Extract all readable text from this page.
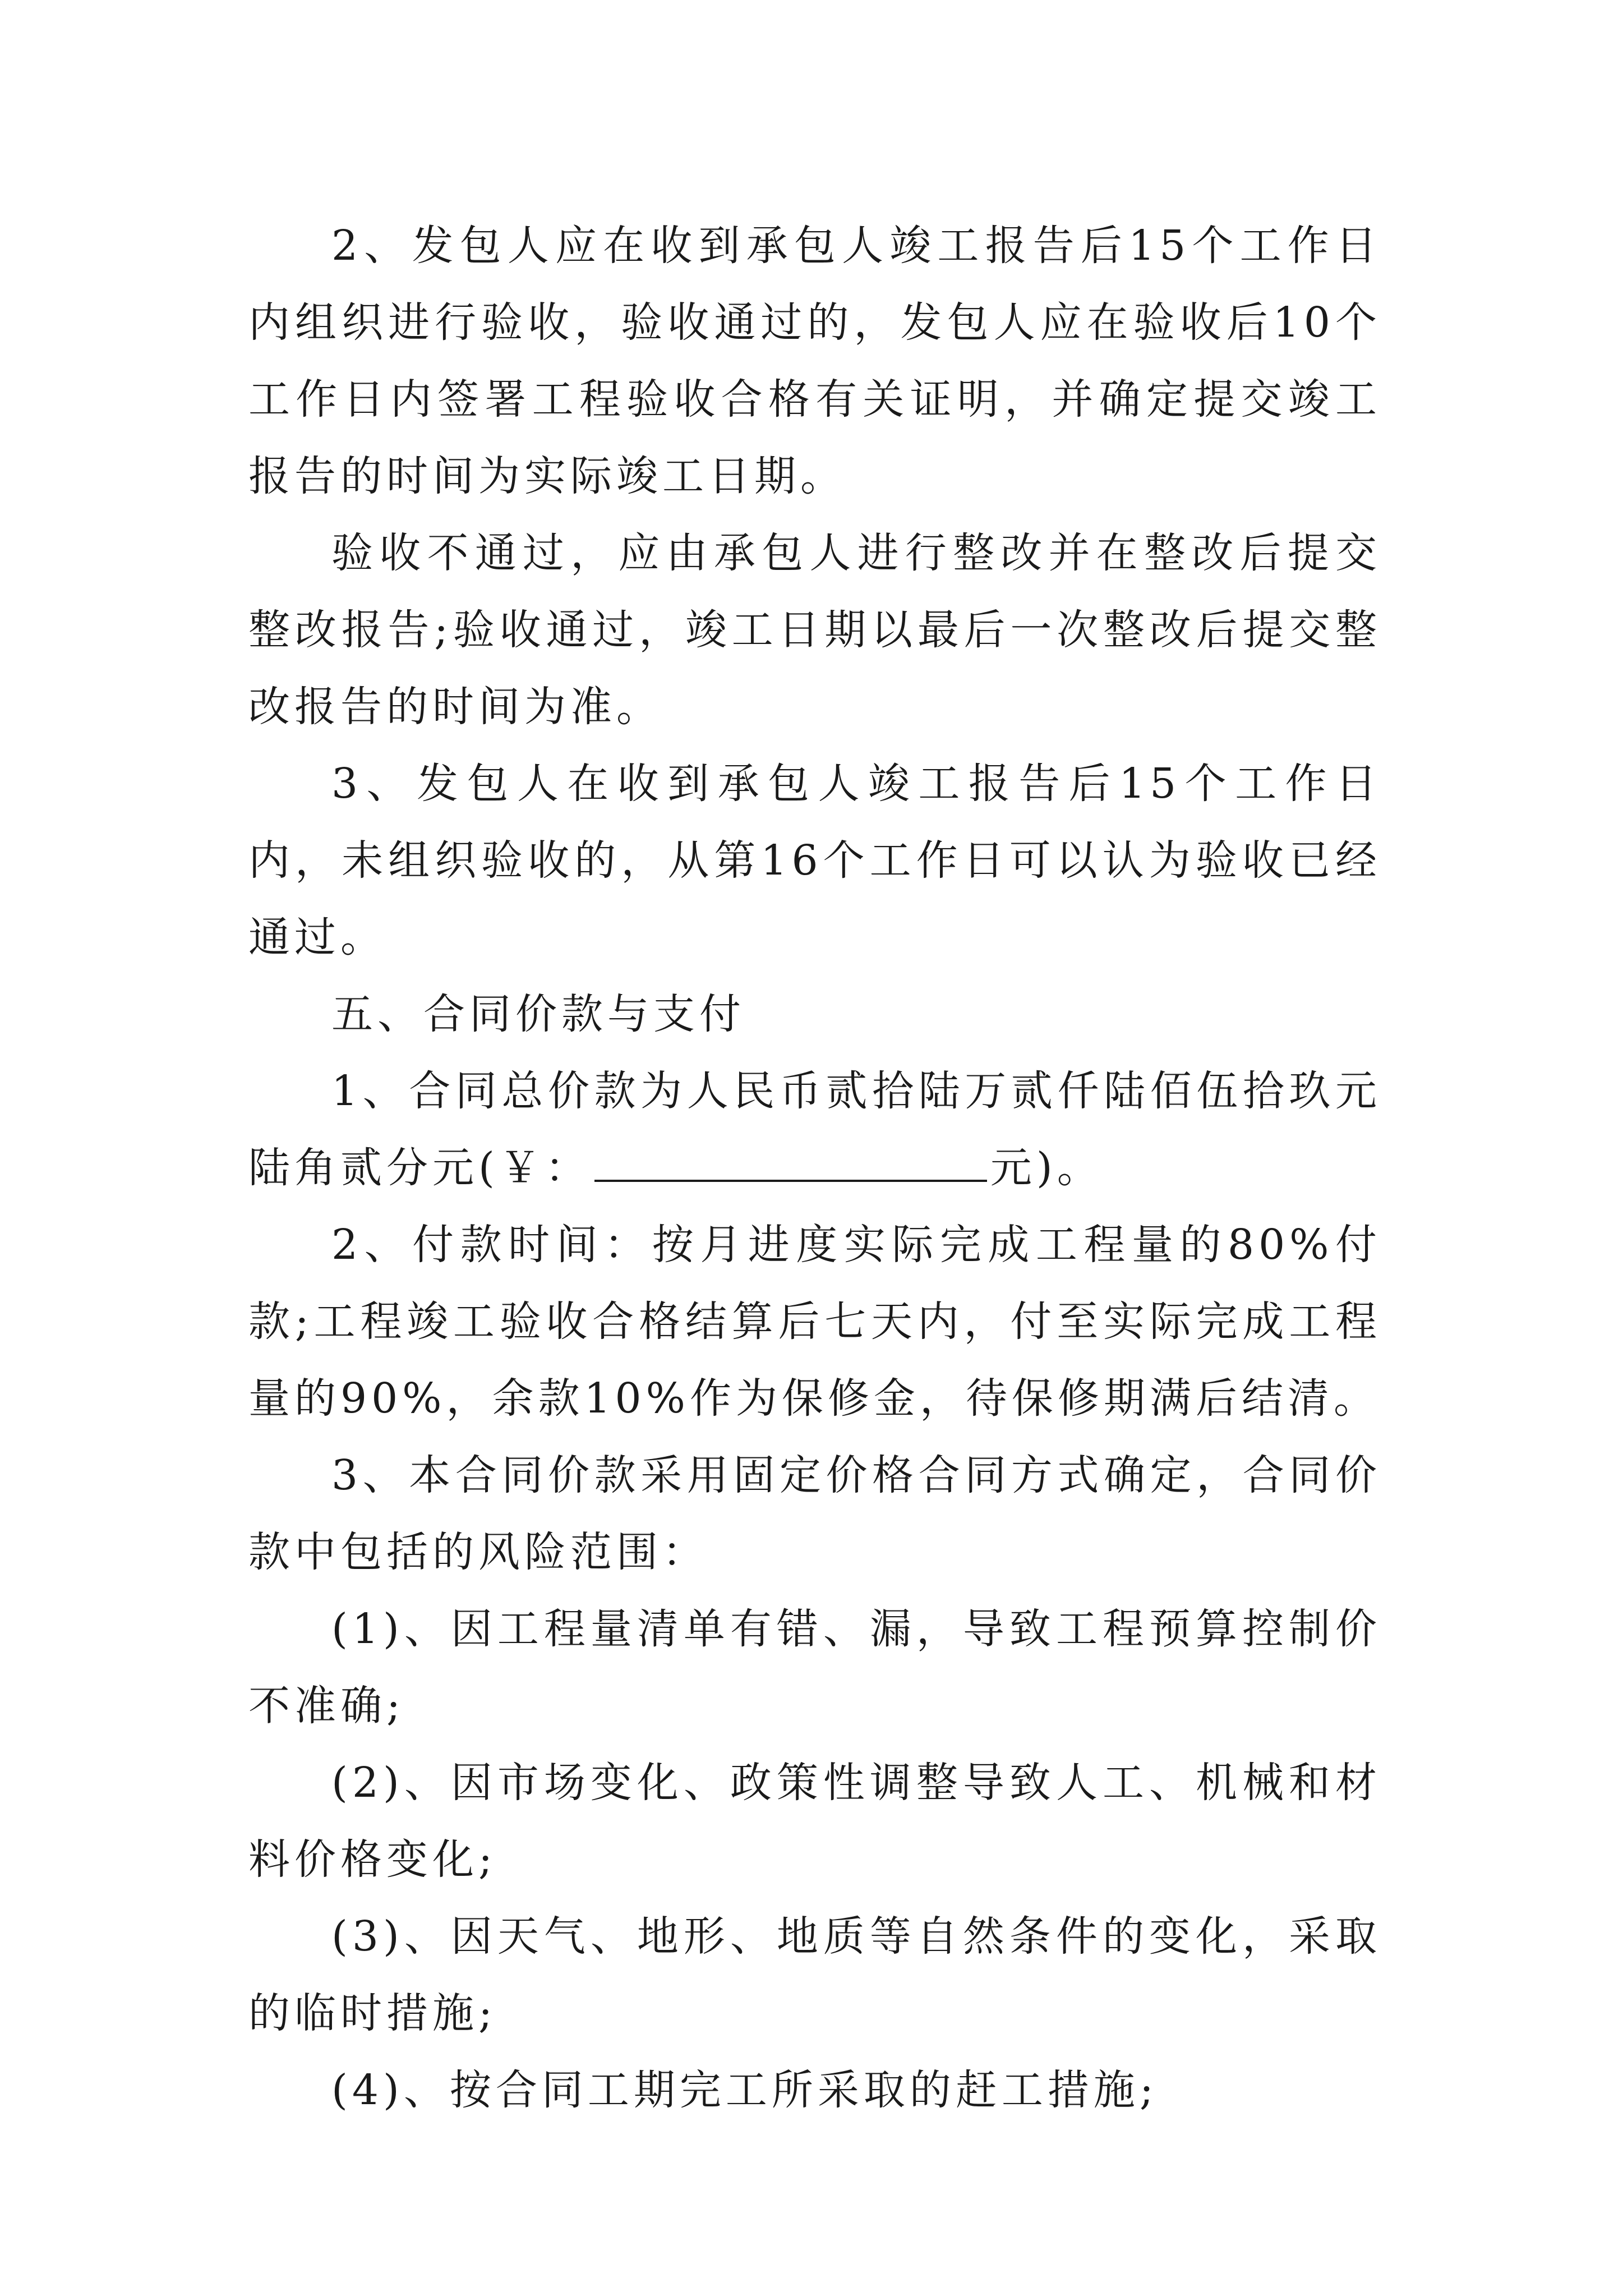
2、发包人应在收到承包人竣工报告后15个工作日内组织进行验收，验收通过的，发包人应在验收后10个工作日内签署工程验收合格有关证明，并确定提交竣工报告的时间为实际竣工日期。

验收不通过，应由承包人进行整改并在整改后提交整改报告;验收通过，竣工日期以最后一次整改后提交整改报告的时间为准。

3、发包人在收到承包人竣工报告后15个工作日内，未组织验收的，从第16个工作日可以认为验收已经通过。

五、合同价款与支付

1、合同总价款为人民币贰拾陆万贰仟陆佰伍拾玖元陆角贰分元(￥：	元)。

2、付款时间：按月进度实际完成工程量的80%付款;工程竣工验收合格结算后七天内，付至实际完成工程量的90%，余款10%作为保修金，待保修期满后结清。

3、本合同价款采用固定价格合同方式确定，合同价款中包括的风险范围：

(1)、因工程量清单有错、漏，导致工程预算控制价不准确;

(2)、因市场变化、政策性调整导致人工、机械和材料价格变化;

(3)、因天气、地形、地质等自然条件的变化，采取的临时措施;

(4)、按合同工期完工所采取的赶工措施;
